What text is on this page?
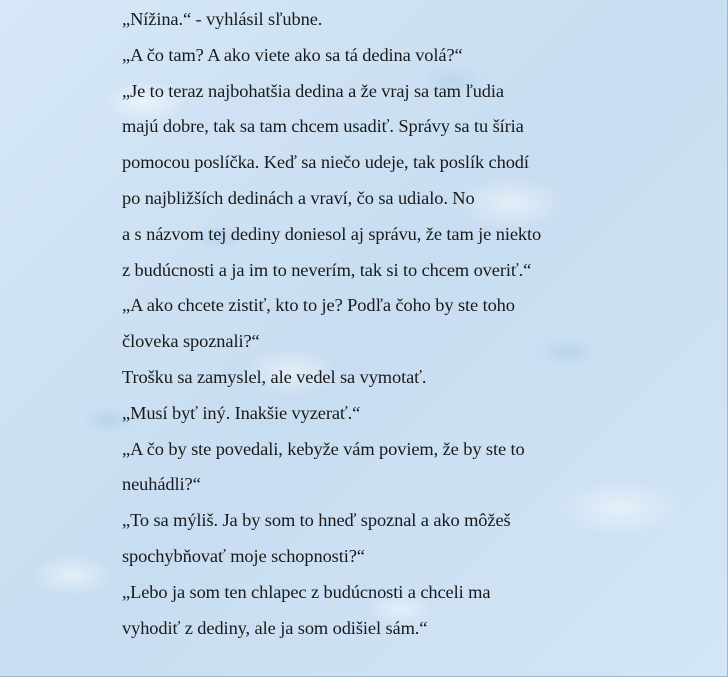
„Nížina.“ - vyhlásil sľubne.
„A čo tam? A ako viete ako sa tá dedina volá?“
„Je to teraz najbohatšia dedina a že vraj sa tam ľudia
majú dobre, tak sa tam chcem usadiť. Správy sa tu šíria
pomocou poslíčka. Keď sa niečo udeje, tak poslík chodí
po najbližších dedinách a vraví, čo sa udialo. No
a s názvom tej dediny doniesol aj správu, že tam je niekto
z budúcnosti a ja im to neverím, tak si to chcem overiť.“
„A ako chcete zistiť, kto to je? Podľa čoho by ste toho
človeka spoznali?“
Trošku sa zamyslel, ale vedel sa vymotať.
„Musí byť iný. Inakšie vyzerať.“
„A čo by ste povedali, kebyže vám poviem, že by ste to
neuhádli?“
„To sa mýliš. Ja by som to hneď spoznal a ako môžeš
spochybňovať moje schopnosti?“
„Lebo ja som ten chlapec z budúcnosti a chceli ma
vyhodiť z dediny, ale ja som odišiel sám.“
